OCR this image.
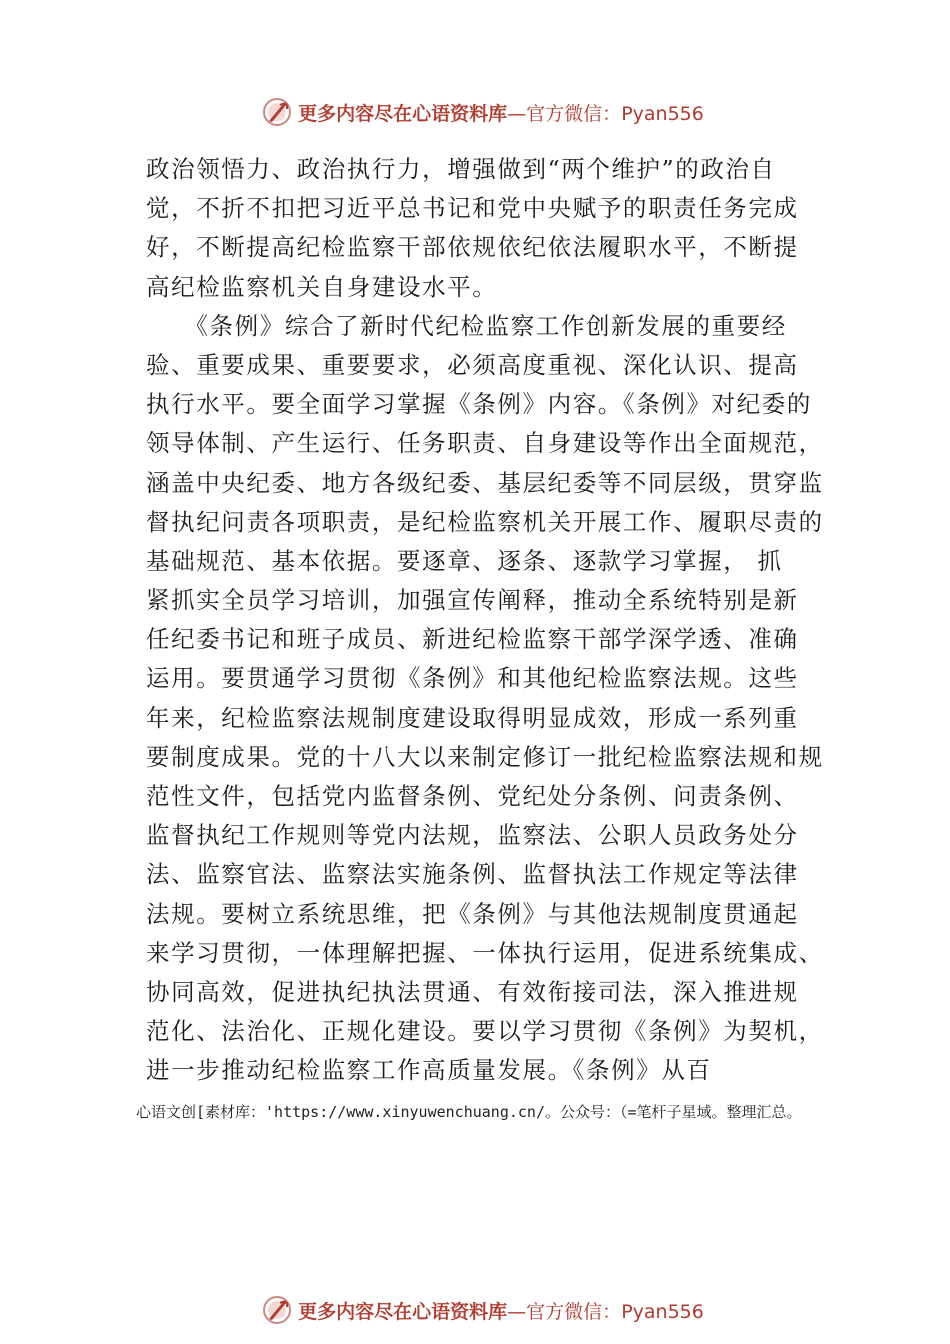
更多内容尽在心语资料库—官方微信：Pyan556
政治领悟力、政治执行力，增强做到“两个维护”的政治自
觉，不折不扣把习近平总书记和党中央赋予的职责任务完成
好，不断提高纪检监察干部依规依纪依法履职水平，不断提
高纪检监察机关自身建设水平。
　　《条例》综合了新时代纪检监察工作创新发展的重要经
验、重要成果、重要要求，必须高度重视、深化认识、提高
执行水平。要全面学习掌握《条例》内容。《条例》对纪委的
领导体制、产生运行、任务职责、自身建设等作出全面规范，
涵盖中央纪委、地方各级纪委、基层纪委等不同层级，贯穿监
督执纪问责各项职责，是纪检监察机关开展工作、履职尽责的
基础规范、基本依据。要逐章、逐条、逐款学习掌握， 抓
紧抓实全员学习培训，加强宣传阐释，推动全系统特别是新
任纪委书记和班子成员、新进纪检监察干部学深学透、准确
运用。要贯通学习贯彻《条例》和其他纪检监察法规。这些
年来，纪检监察法规制度建设取得明显成效，形成一系列重
要制度成果。党的十八大以来制定修订一批纪检监察法规和规
范性文件，包括党内监督条例、党纪处分条例、问责条例、
监督执纪工作规则等党内法规，监察法、公职人员政务处分
法、监察官法、监察法实施条例、监督执法工作规定等法律
法规。要树立系统思维，把《条例》与其他法规制度贯通起
来学习贯彻，一体理解把握、一体执行运用，促进系统集成、
协同高效，促进执纪执法贯通、有效衔接司法，深入推进规
范化、法治化、正规化建设。要以学习贯彻《条例》为契机，
进一步推动纪检监察工作高质量发展。《条例》从百
心语文创[素材库：'https://www.xinyuwenchuang.cn/。公众号：（=笔杆子星域。整理汇总。
更多内容尽在心语资料库—官方微信：Pyan556
